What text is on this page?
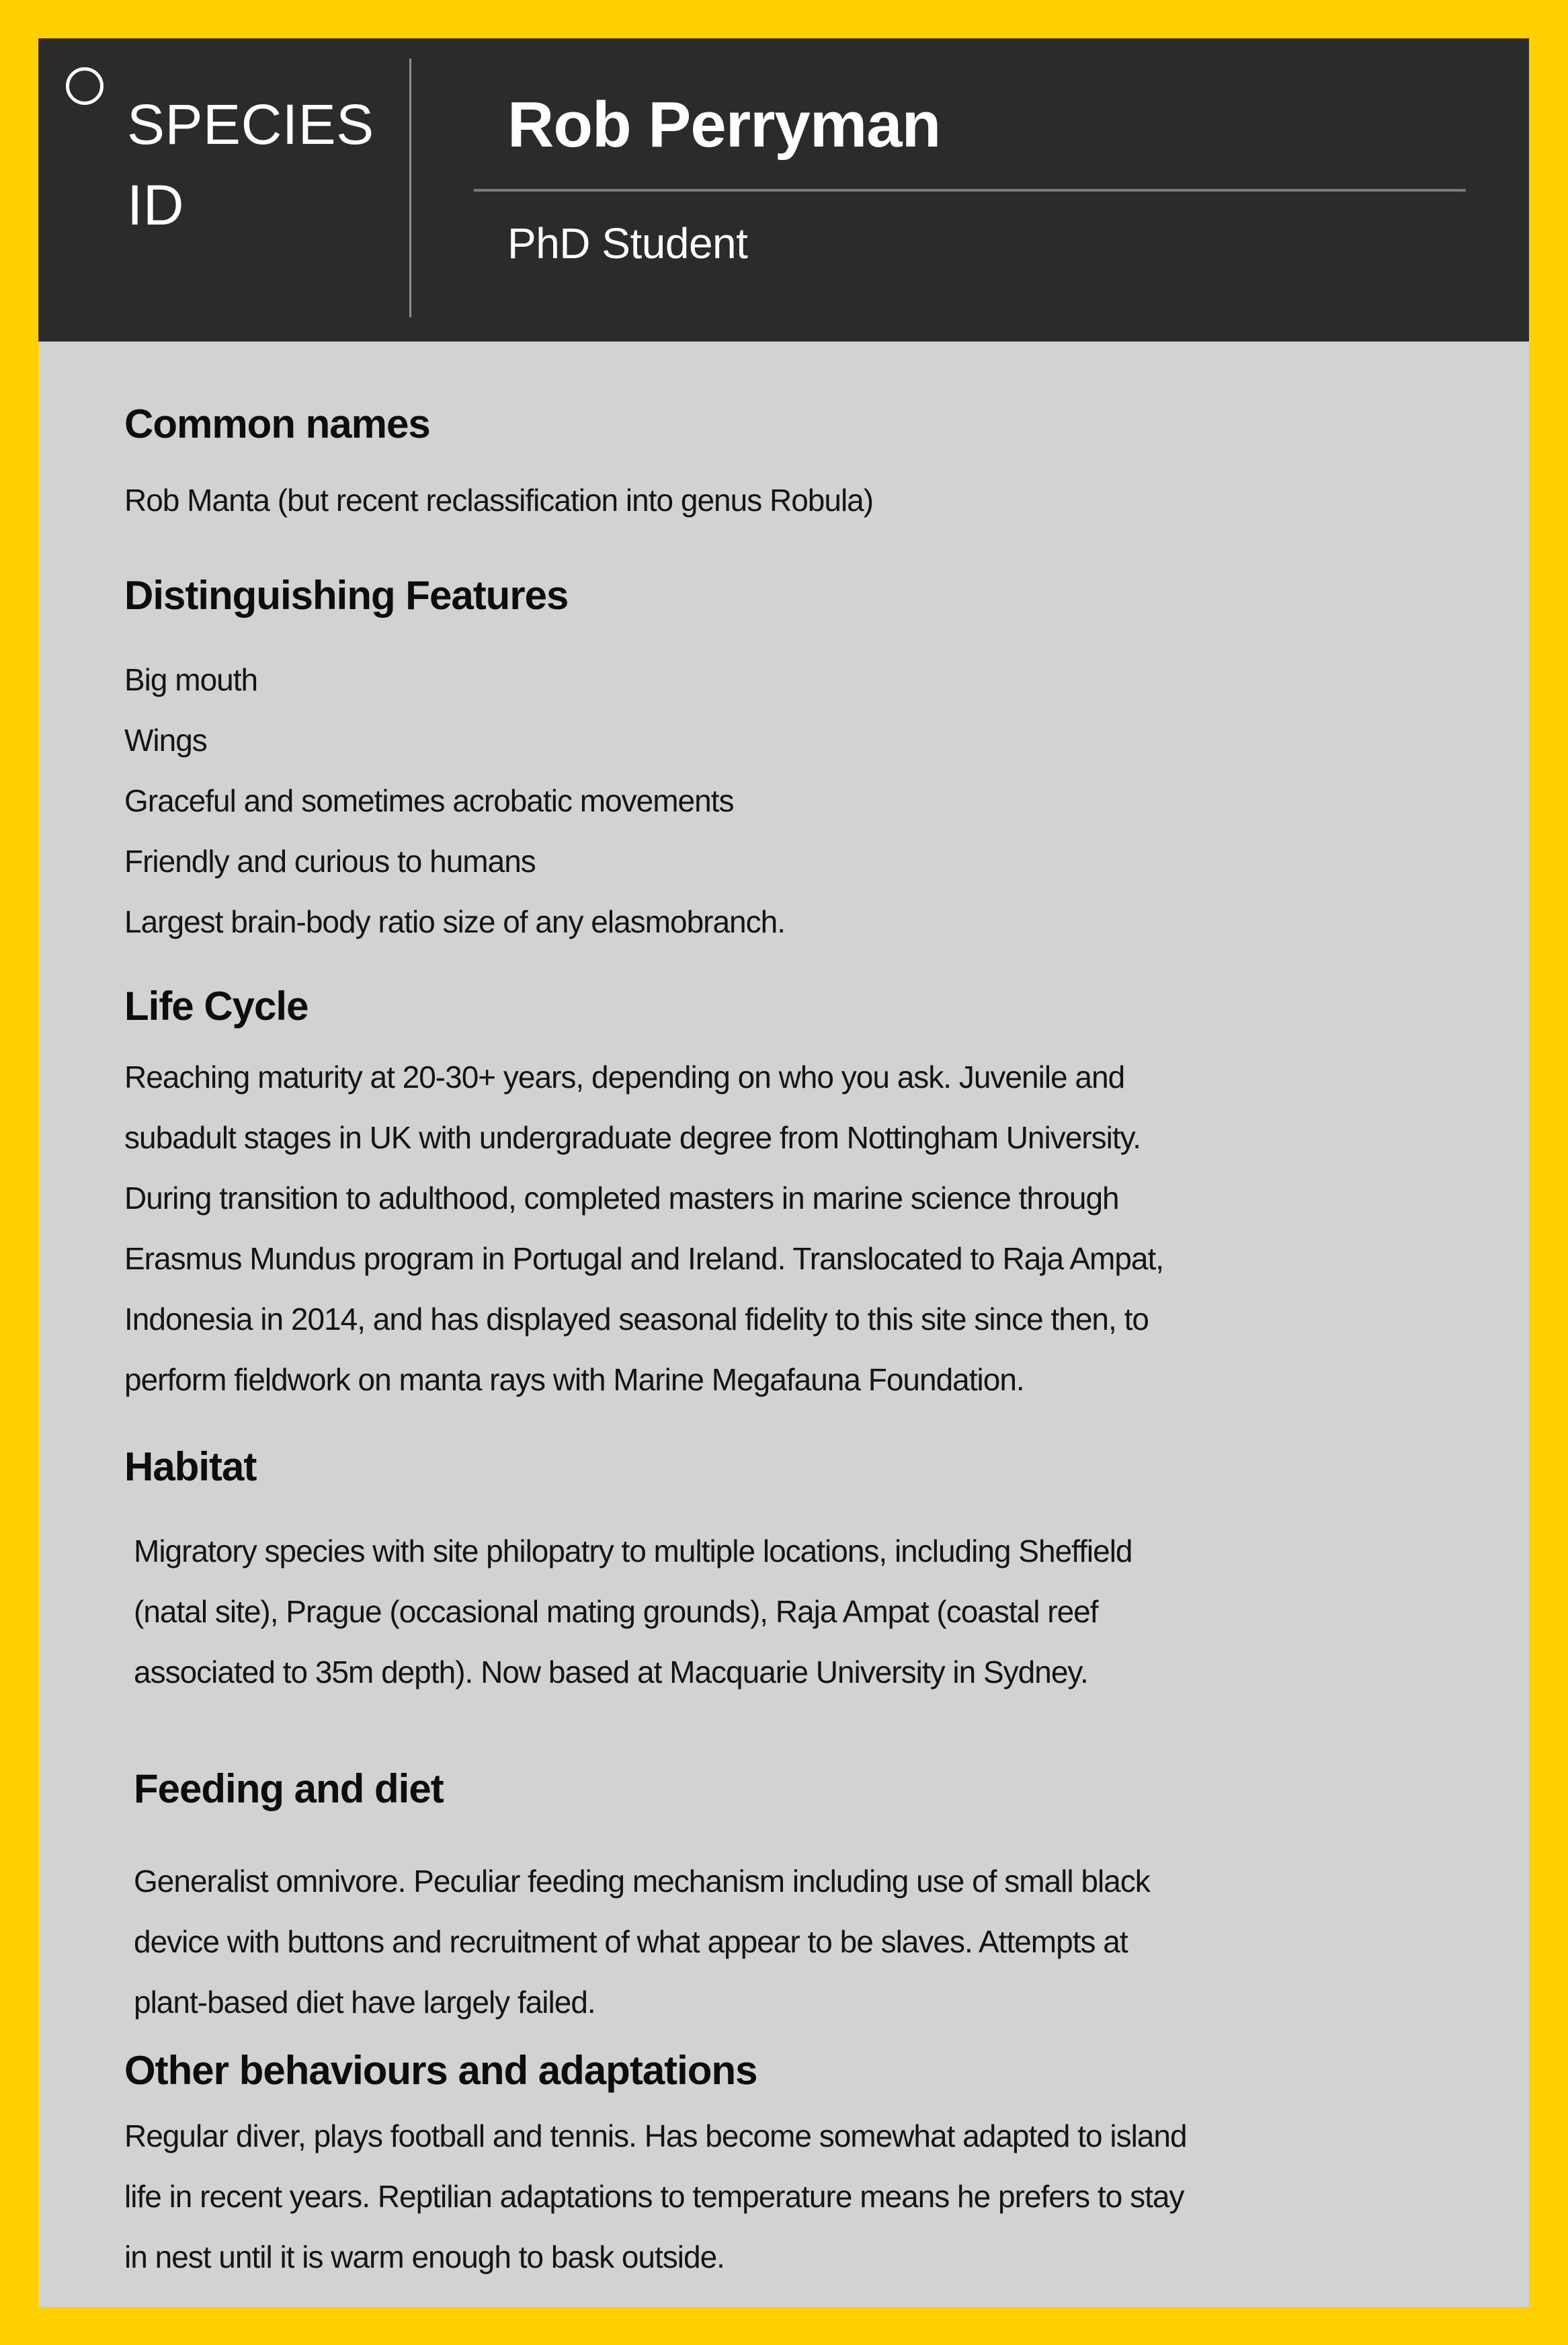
SPECIES
ID
Rob Perryman
PhD Student
Common names
Rob Manta (but recent reclassification into genus Robula)
Distinguishing Features
Big mouth
Wings
Graceful and sometimes acrobatic movements
Friendly and curious to humans
Largest brain-body ratio size of any elasmobranch.
Life Cycle
Reaching maturity at 20-30+ years, depending on who you ask. Juvenile and
subadult stages in UK with undergraduate degree from Nottingham University.
During transition to adulthood, completed masters in marine science through
Erasmus Mundus program in Portugal and Ireland. Translocated to Raja Ampat,
Indonesia in 2014, and has displayed seasonal fidelity to this site since then, to
perform fieldwork on manta rays with Marine Megafauna Foundation.
Habitat
Migratory species with site philopatry to multiple locations, including Sheffield
(natal site), Prague (occasional mating grounds), Raja Ampat (coastal reef
associated to 35m depth). Now based at Macquarie University in Sydney.
Feeding and diet
Generalist omnivore. Peculiar feeding mechanism including use of small black
device with buttons and recruitment of what appear to be slaves. Attempts at
plant-based diet have largely failed.
Other behaviours and adaptations
Regular diver, plays football and tennis. Has become somewhat adapted to island
life in recent years. Reptilian adaptations to temperature means he prefers to stay
in nest until it is warm enough to bask outside.
